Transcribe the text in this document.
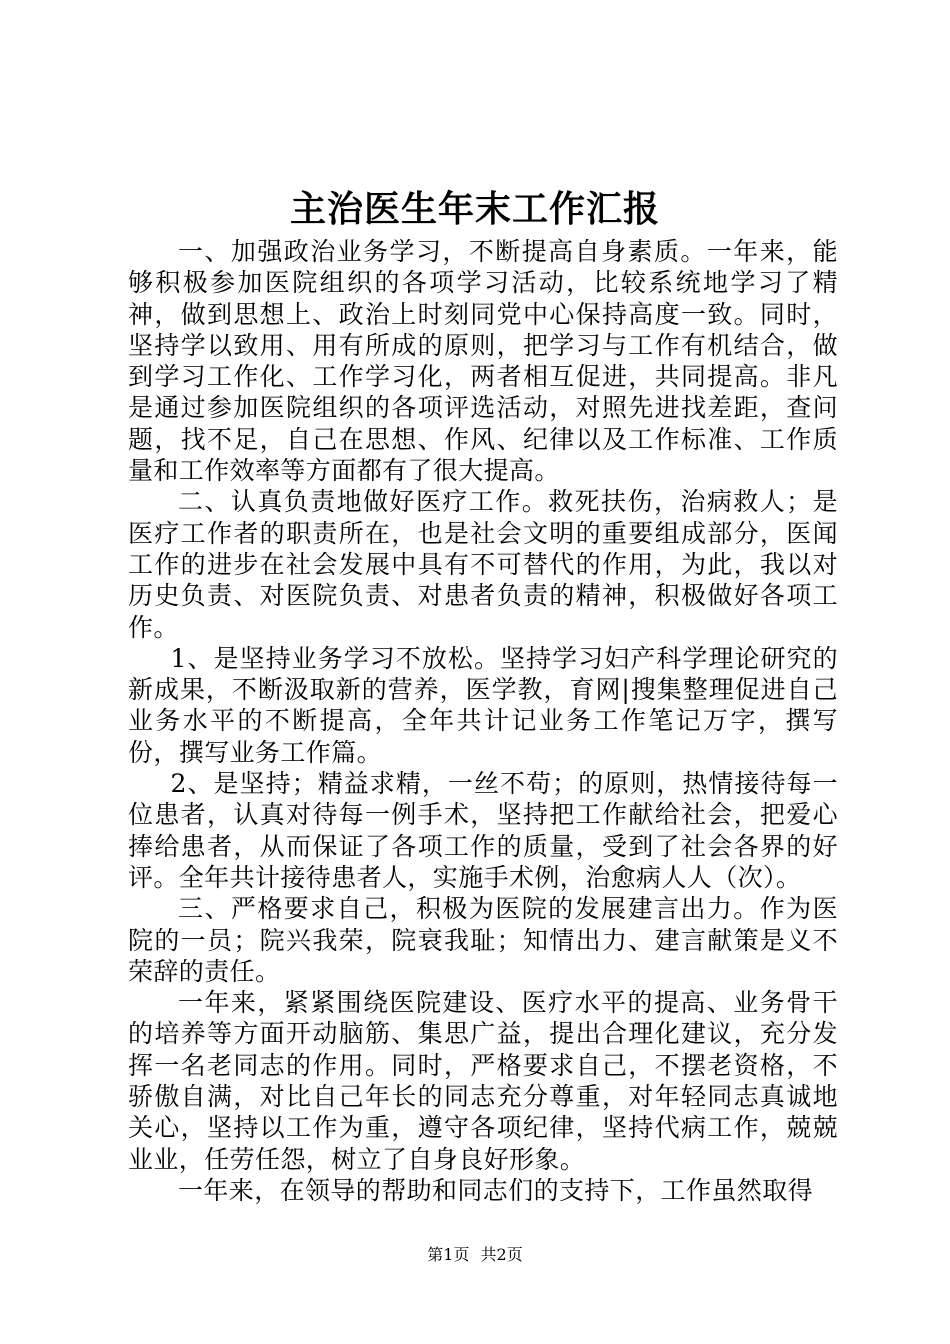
主治医生年末工作汇报

一、加强政治业务学习，不断提高自身素质。一年来，能够积极参加医院组织的各项学习活动，比较系统地学习了精神，做到思想上、政治上时刻同党中心保持高度一致。同时，坚持学以致用、用有所成的原则，把学习与工作有机结合，做到学习工作化、工作学习化，两者相互促进，共同提高。非凡是通过参加医院组织的各项评选活动，对照先进找差距，查问题，找不足，自己在思想、作风、纪律以及工作标准、工作质量和工作效率等方面都有了很大提高。

二、认真负责地做好医疗工作。救死扶伤，治病救人；是医疗工作者的职责所在，也是社会文明的重要组成部分，医闻工作的进步在社会发展中具有不可替代的作用，为此，我以对历史负责、对医院负责、对患者负责的精神，积极做好各项工作。

1、是坚持业务学习不放松。坚持学习妇产科学理论研究的新成果，不断汲取新的营养，医学教，育网|搜集整理促进自己业务水平的不断提高，全年共计记业务工作笔记万字，撰写份，撰写业务工作篇。

2、是坚持；精益求精，一丝不苟；的原则，热情接待每一位患者，认真对待每一例手术，坚持把工作献给社会，把爱心捧给患者，从而保证了各项工作的质量，受到了社会各界的好评。全年共计接待患者人，实施手术例，治愈病人人（次）。

三、严格要求自己，积极为医院的发展建言出力。作为医院的一员；院兴我荣，院衰我耻；知情出力、建言献策是义不荣辞的责任。

一年来，紧紧围绕医院建设、医疗水平的提高、业务骨干的培养等方面开动脑筋、集思广益，提出合理化建议，充分发挥一名老同志的作用。同时，严格要求自己，不摆老资格，不骄傲自满，对比自己年长的同志充分尊重，对年轻同志真诚地关心，坚持以工作为重，遵守各项纪律，坚持代病工作，兢兢业业，任劳任怨，树立了自身良好形象。

一年来，在领导的帮助和同志们的支持下，工作虽然取得

第1页 共2页
